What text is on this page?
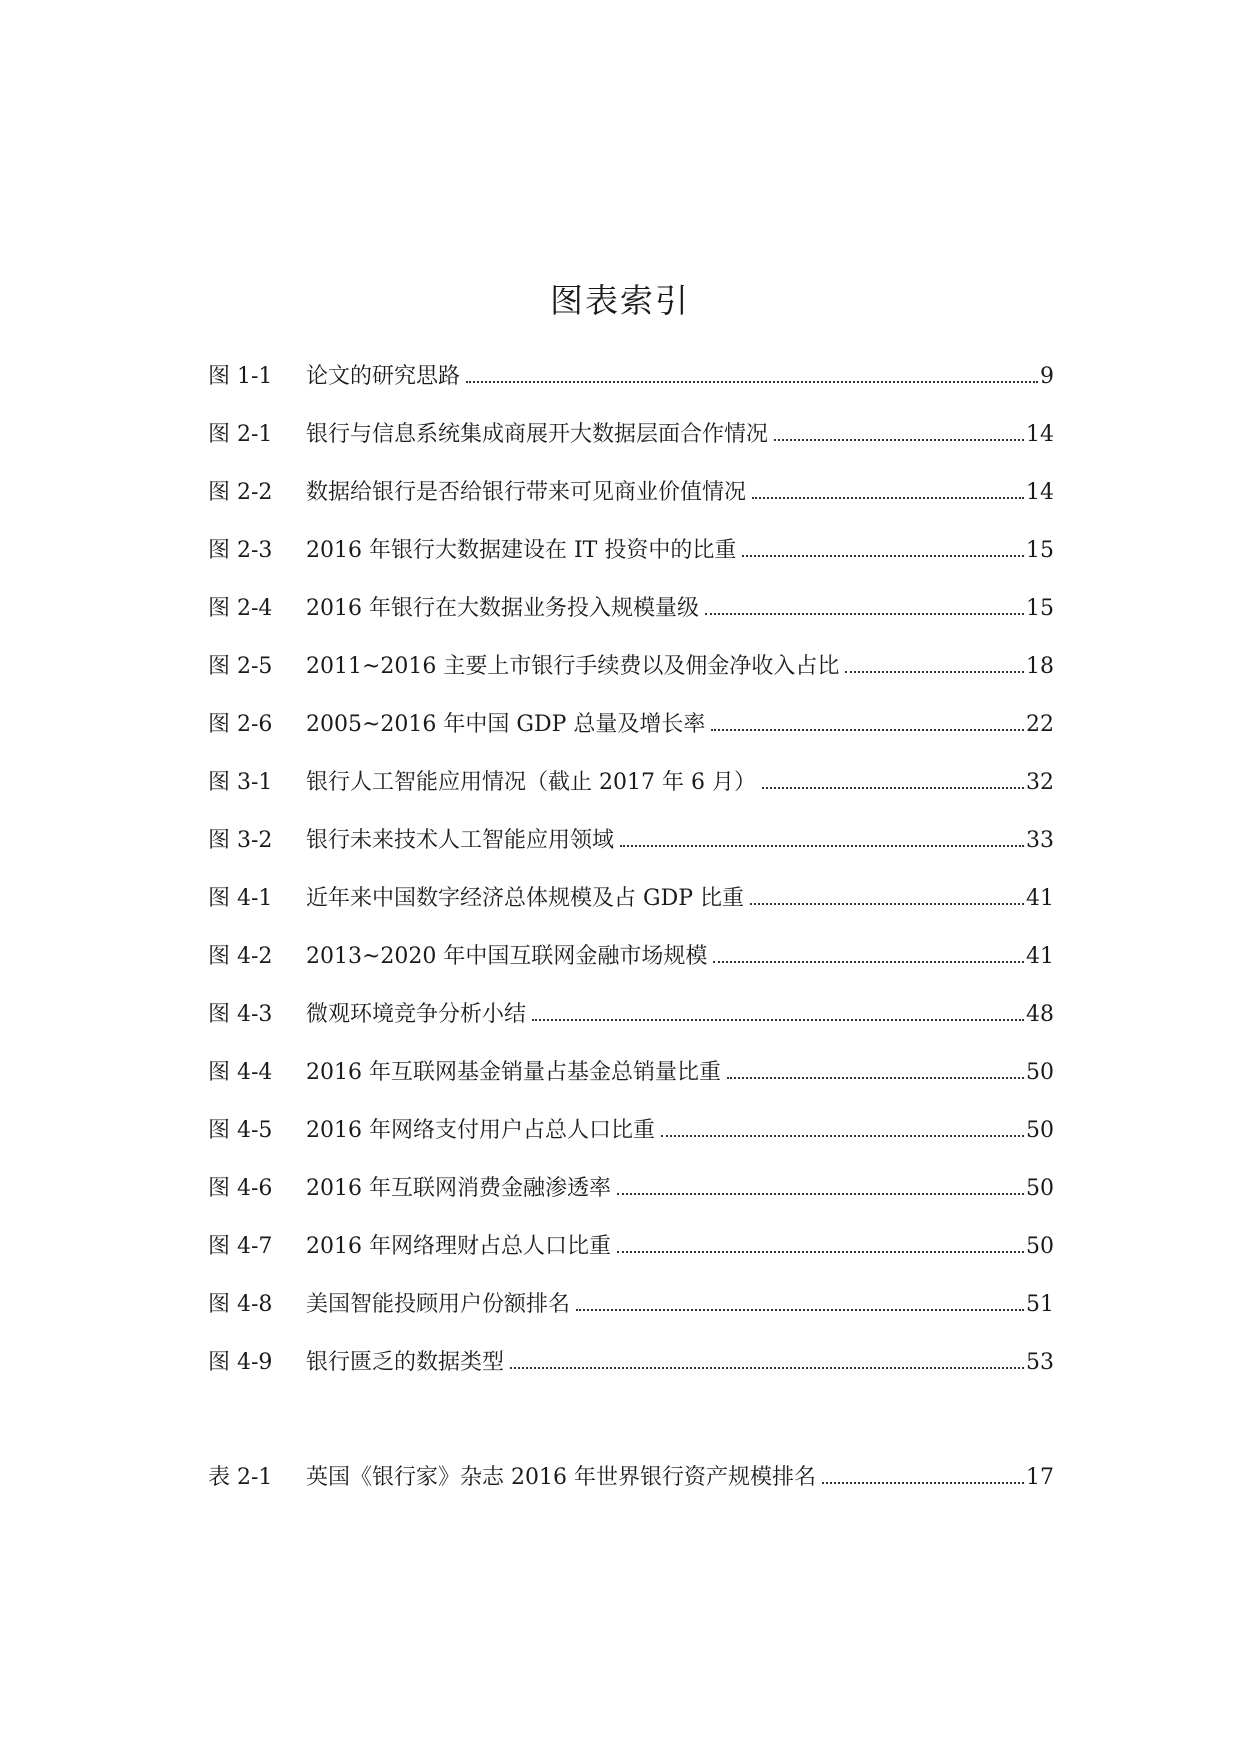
图表索引
图 1-1	论文的研究思路	9
图 2-1	银行与信息系统集成商展开大数据层面合作情况	14
图 2-2	数据给银行是否给银行带来可见商业价值情况	14
图 2-3	2016 年银行大数据建设在 IT 投资中的比重	15
图 2-4	2016 年银行在大数据业务投入规模量级	15
图 2-5	2011~2016 主要上市银行手续费以及佣金净收入占比	18
图 2-6	2005~2016 年中国 GDP 总量及增长率	22
图 3-1	银行人工智能应用情况（截止 2017 年 6 月）	32
图 3-2	银行未来技术人工智能应用领域	33
图 4-1	近年来中国数字经济总体规模及占 GDP 比重	41
图 4-2	2013~2020 年中国互联网金融市场规模	41
图 4-3	微观环境竞争分析小结	48
图 4-4	2016 年互联网基金销量占基金总销量比重	50
图 4-5	2016 年网络支付用户占总人口比重	50
图 4-6	2016 年互联网消费金融渗透率	50
图 4-7	2016 年网络理财占总人口比重	50
图 4-8	美国智能投顾用户份额排名	51
图 4-9	银行匮乏的数据类型	53
表 2-1	英国《银行家》杂志 2016 年世界银行资产规模排名	17
